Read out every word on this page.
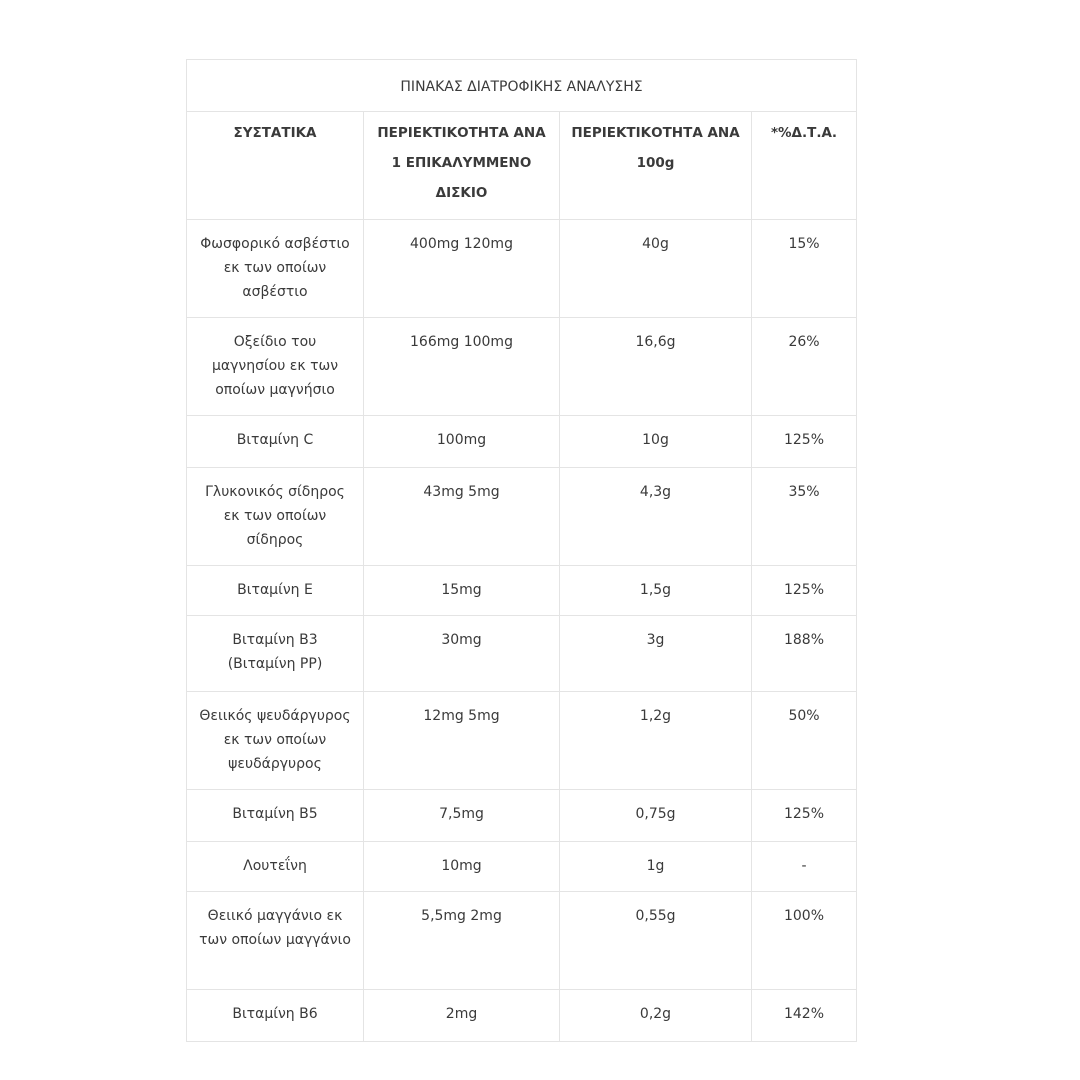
ΠΙΝΑΚΑΣ ΔΙΑΤΡΟΦΙΚΗΣ ΑΝΑΛΥΣΗΣ			
ΣΥΣΤΑΤΙΚΑ	ΠΕΡΙΕΚΤΙΚΟΤΗΤΑ ΑΝΑ 1 ΕΠΙΚΑΛΥΜΜΕΝΟ ΔΙΣΚΙΟ	ΠΕΡΙΕΚΤΙΚΟΤΗΤΑ ΑΝΑ 100g	*%Δ.Τ.Α.
Φωσφορικό ασβέστιο εκ των οποίων ασβέστιο	400mg 120mg	40g	15%
Οξείδιο του μαγνησίου εκ των οποίων μαγνήσιο	166mg 100mg	16,6g	26%
Βιταμίνη C	100mg	10g	125%
Γλυκονικός σίδηρος εκ των οποίων σίδηρος	43mg 5mg	4,3g	35%
Βιταμίνη Ε	15mg	1,5g	125%
Βιταμίνη Β3 (Βιταμίνη PP)	30mg	3g	188%
Θειικός ψευδάργυρος εκ των οποίων ψευδάργυρος	12mg 5mg	1,2g	50%
Βιταμίνη Β5	7,5mg	0,75g	125%
Λουτεΐνη	10mg	1g	-
Θειικό μαγγάνιο εκ των οποίων μαγγάνιο	5,5mg 2mg	0,55g	100%
Βιταμίνη Β6	2mg	0,2g	142%
